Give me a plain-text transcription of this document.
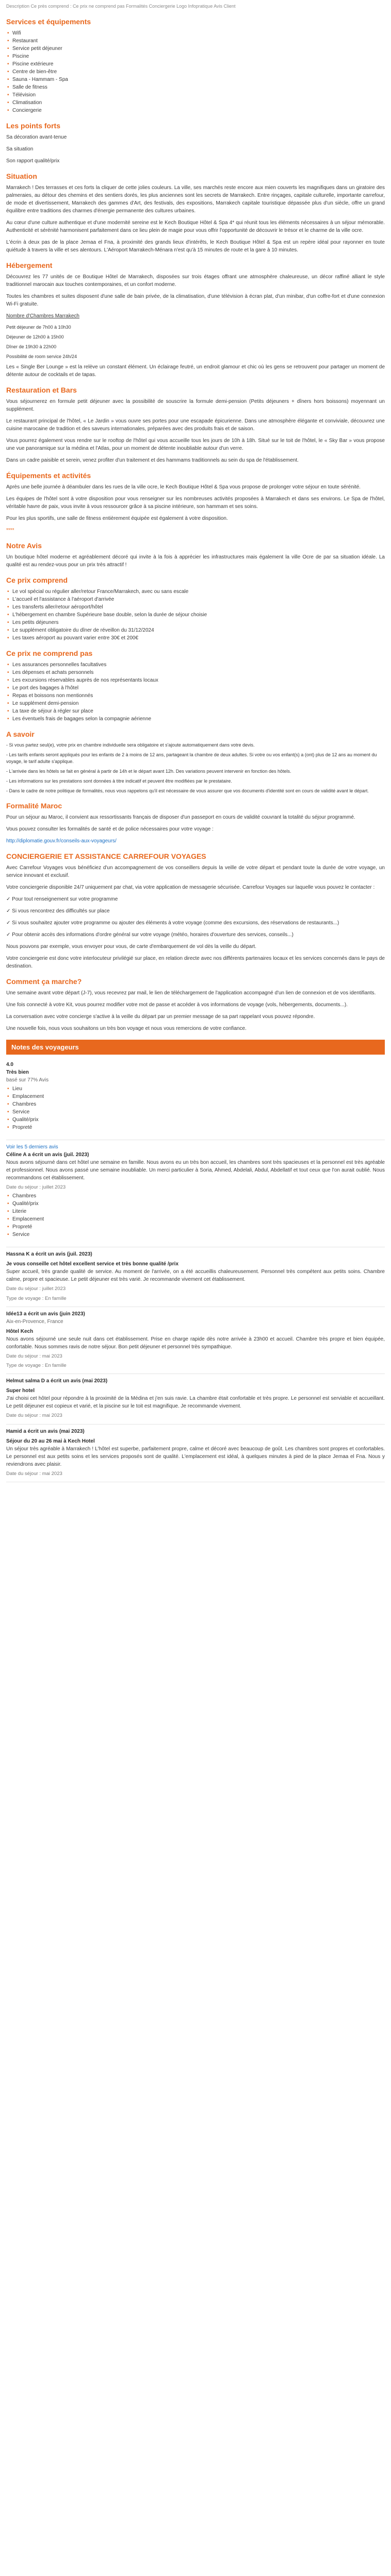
Description Ce près comprend : Ce prix ne comprend pas Formalités Conciergerie Logo Infopratique Avis Client
Services et équipements
• Wifi
• Restaurant
• Service petit déjeuner
• Piscine
• Piscine extérieure
• Centre de bien-être
• Sauna - Hammam - Spa
• Salle de fitness
• Télévision
• Climatisation
• Conciergerie
Les points forts

Sa décoration avant-tenue

Sa situation

Son rapport qualité/prix

Situation

Marrakech ! Des terrasses et ces forts la cliquer de cette jolies couleurs. La ville, ses marchés reste encore aux mien couverts les magnifiques dans un giratoire des palmeraies, au détour des chemins et des sentiers dorés, les plus anciennes sont les secrets de Marrakech. Entre rinçages, capitale culturelle, importante carrefour, de mode et divertissement, Marrakech des gammes d'Art, des festivals, des expositions, Marrakech capitale touristique dépassée plus d'un siècle, offre un grand équilibre entre traditions des charmes d'énergie permanente des cultures urbaines.

Au cœur d'une culture authentique et d'une modernité sereine est le Kech Boutique Hôtel & Spa 4* qui réunit tous les éléments nécessaires à un séjour mémorable. Authenticité et sérénité harmonisent parfaitement dans ce lieu plein de magie pour vous offrir l'opportunité de découvrir le trésor et le charme de la ville ocre.

L'écrin à deux pas de la place Jemaa el Fna, à proximité des grands lieux d'intérêts, le Kech Boutique Hôtel & Spa est un repère idéal pour rayonner en toute quiétude à travers la ville et ses alentours. L'Aéroport Marrakech-Ménara n'est qu'à 15 minutes de route et la gare à 10 minutes.

Hébergement

Découvrez les 77 unités de ce Boutique Hôtel de Marrakech, disposées sur trois étages offrant une atmosphère chaleureuse, un décor raffiné alliant le style traditionnel marocain aux touches contemporaines, et un confort moderne.

Toutes les chambres et suites disposent d'une salle de bain privée, de la climatisation, d'une télévision à écran plat, d'un minibar, d'un coffre-fort et d'une connexion Wi-Fi gratuite.

Nombre d'Chambres Marrakech

Petit déjeuner de 7h00 à 10h30

Déjeuner de 12h00 à 15h00

Dîner de 19h30 à 22h00

Possibilité de room service 24h/24

Les « Single Ber Lounge » est la relève un constant élément. Un éclairage feutré, un endroit glamour et chic où les gens se retrouvent pour partager un moment de détente autour de cocktails et de tapas.

Restauration et Bars

Vous séjournerez en formule petit déjeuner avec la possibilité de souscrire la formule demi-pension (Petits déjeuners + dîners hors boissons) moyennant un supplément.

Le restaurant principal de l'hôtel, « Le Jardin » vous ouvre ses portes pour une escapade épicurienne. Dans une atmosphère élégante et conviviale, découvrez une cuisine marocaine de tradition et des saveurs internationales, préparées avec des produits frais et de saison.

Vous pourrez également vous rendre sur le rooftop de l'hôtel qui vous accueille tous les jours de 10h à 18h. Situé sur le toit de l'hôtel, le « Sky Bar » vous propose une vue panoramique sur la médina et l'Atlas, pour un moment de détente inoubliable autour d'un verre.

Dans un cadre paisible et serein, venez profiter d'un traitement et des hammams traditionnels au sein du spa de l'établissement.

Équipements et activités

Après une belle journée à déambuler dans les rues de la ville ocre, le Kech Boutique Hôtel & Spa vous propose de prolonger votre séjour en toute sérénité.

Les équipes de l'hôtel sont à votre disposition pour vous renseigner sur les nombreuses activités proposées à Marrakech et dans ses environs. Le Spa de l'hôtel, véritable havre de paix, vous invite à vous ressourcer grâce à sa piscine intérieure, son hammam et ses soins.

Pour les plus sportifs, une salle de fitness entièrement équipée est également à votre disposition.

****
Notre Avis

Un boutique hôtel moderne et agréablement décoré qui invite à la fois à apprécier les infrastructures mais également la ville Ocre de par sa situation idéale. La qualité est au rendez-vous pour un prix très attractif !

Ce prix comprend
• Le vol spécial ou régulier aller/retour France/Marrakech, avec ou sans escale
• L'accueil et l'assistance à l'aéroport d'arrivée
• Les transferts aller/retour aéroport/hôtel
• L'hébergement en chambre Supérieure base double, selon la durée de séjour choisie
• Les petits déjeuners
• Le supplément obligatoire du dîner de réveillon du 31/12/2024
• Les taxes aéroport au pouvant varier entre 30€ et 200€
Ce prix ne comprend pas
• Les assurances personnelles facultatives
• Les dépenses et achats personnels
• Les excursions réservables auprès de nos représentants locaux
• Le port des bagages à l'hôtel
• Repas et boissons non mentionnés
• Le supplément demi-pension
• La taxe de séjour à régler sur place
• Les éventuels frais de bagages selon la compagnie aérienne
A savoir

- Si vous partez seul(e), votre prix en chambre individuelle sera obligatoire et s'ajoute automatiquement dans votre devis.

- Les tarifs enfants seront appliqués pour les enfants de 2 à moins de 12 ans, partageant la chambre de deux adultes. Si votre ou vos enfant(s) a (ont) plus de 12 ans au moment du voyage, le tarif adulte s'applique.

- L'arrivée dans les hôtels se fait en général à partir de 14h et le départ avant 12h. Des variations peuvent intervenir en fonction des hôtels.

- Les informations sur les prestations sont données à titre indicatif et peuvent être modifiées par le prestataire.

- Dans le cadre de notre politique de formalités, nous vous rappelons qu'il est nécessaire de vous assurer que vos documents d'identité sont en cours de validité avant le départ.

Formalité Maroc

Pour un séjour au Maroc, il convient aux ressortissants français de disposer d'un passeport en cours de validité couvrant la totalité du séjour programmé.

Vous pouvez consulter les formalités de santé et de police nécessaires pour votre voyage :

http://diplomatie.gouv.fr/conseils-aux-voyageurs/

CONCIERGERIE ET ASSISTANCE CARREFOUR VOYAGES

Avec Carrefour Voyages vous bénéficiez d'un accompagnement de vos conseillers depuis la veille de votre départ et pendant toute la durée de votre voyage, un service innovant et exclusif.

Votre conciergerie disponible 24/7 uniquement par chat, via votre application de messagerie sécurisée. Carrefour Voyages sur laquelle vous pouvez le contacter :

✓ Pour tout renseignement sur votre programme

✓ Si vous rencontrez des difficultés sur place

✓ Si vous souhaitez ajouter votre programme ou ajouter des éléments à votre voyage (comme des excursions, des réservations de restaurants...)

✓ Pour obtenir accès des informations d'ordre général sur votre voyage (météo, horaires d'ouverture des services, conseils...)

Nous pouvons par exemple, vous envoyer pour vous, de carte d'embarquement de vol dès la veille du départ.

Votre conciergerie est donc votre interlocuteur privilégié sur place, en relation directe avec nos différents partenaires locaux et les services concernés dans le pays de destination.

Comment ça marche?

Une semaine avant votre départ (J-7), vous recevrez par mail, le lien de téléchargement de l'application accompagné d'un lien de connexion et de vos identifiants.

Une fois connecté à votre Kit, vous pourrez modifier votre mot de passe et accéder à vos informations de voyage (vols, hébergements, documents...).

La conversation avec votre concierge s'active à la veille du départ par un premier message de sa part rappelant vous pouvez répondre.

Une nouvelle fois, nous vous souhaitons un très bon voyage et nous vous remercions de votre confiance.

Notes des voyageurs
4.0
Très bien
basé sur 77% Avis
• Lieu
• Emplacement
• Chambres
• Service
• Qualité/prix
• Propreté
Voir les 5 derniers avis
Céline A a écrit un avis (juil. 2023)
Nous avons séjourné dans cet hôtel une semaine en famille. Nous avons eu un très bon accueil, les chambres sont très spacieuses et la personnel est très agréable et professionnel. Nous avons passé une semaine inoubliable. Un merci particulier à Soria, Ahmed, Abdelali, Abdul, Abdellatif et tout ceux que l'on aurait oublié. Nous recommandons cet établissement.
Date du séjour : juillet 2023
• Chambres
• Qualité/prix
• Literie
• Emplacement
• Propreté
• Service
Hassna K a écrit un avis (juil. 2023)
Je vous conseille cet hôtel excellent service et très bonne qualité /prix
Super accueil, très grande qualité de service. Au moment de l'arrivée, on a été accueillis chaleureusement. Personnel très compétent aux petits soins. Chambre calme, propre et spacieuse. Le petit déjeuner est très varié. Je recommande vivement cet établissement.
Date du séjour : juillet 2023
Type de voyage : En famille
Idée13 a écrit un avis (juin 2023)
Aix-en-Provence, France
Hôtel Kech
Nous avons séjourné une seule nuit dans cet établissement. Prise en charge rapide dès notre arrivée à 23h00 et accueil. Chambre très propre et bien équipée, confortable. Nous sommes ravis de notre séjour. Bon petit déjeuner et personnel très sympathique.
Date du séjour : mai 2023
Type de voyage : En famille
Helmut salma D a écrit un avis (mai 2023)
Super hotel
J'ai choisi cet hôtel pour répondre à la proximité de la Médina et j'en suis ravie. La chambre était confortable et très propre. Le personnel est serviable et accueillant. Le petit déjeuner est copieux et varié, et la piscine sur le toit est magnifique. Je recommande vivement.
Date du séjour : mai 2023
Hamid a écrit un avis (mai 2023)
Séjour du 20 au 26 mai à Kech Hotel
Un séjour très agréable à Marrakech ! L'hôtel est superbe, parfaitement propre, calme et décoré avec beaucoup de goût. Les chambres sont propres et confortables. Le personnel est aux petits soins et les services proposés sont de qualité. L'emplacement est idéal, à quelques minutes à pied de la place Jemaa el Fna. Nous y reviendrons avec plaisir.
Date du séjour : mai 2023
